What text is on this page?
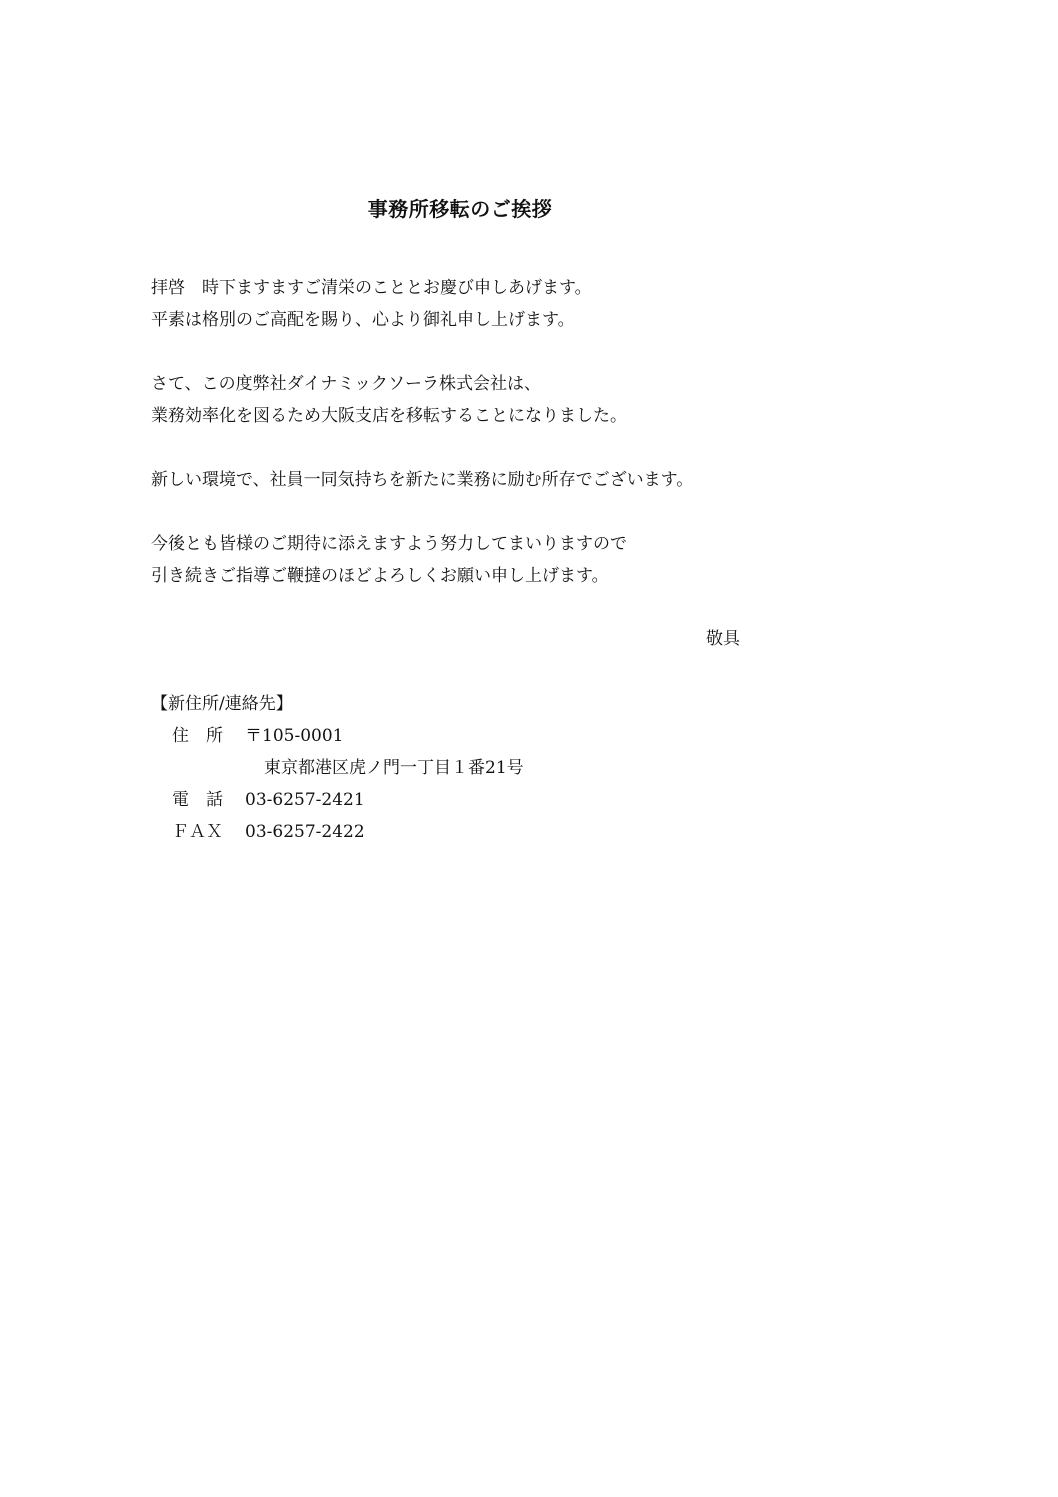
事務所移転のご挨拶
拝啓　時下ますますご清栄のこととお慶び申しあげます。
平素は格別のご高配を賜り、心より御礼申し上げます。
さて、この度弊社ダイナミックソーラ株式会社は、
業務効率化を図るため大阪支店を移転することになりました。
新しい環境で、社員一同気持ちを新たに業務に励む所存でございます。
今後とも皆様のご期待に添えますよう努力してまいりますので
引き続きご指導ご鞭撻のほどよろしくお願い申し上げます。
敬具
【新住所/連絡先】
住　所 〒105-0001
東京都港区虎ノ門一丁目１番21号
電　話 03-6257-2421
ＦＡＸ 03-6257-2422
